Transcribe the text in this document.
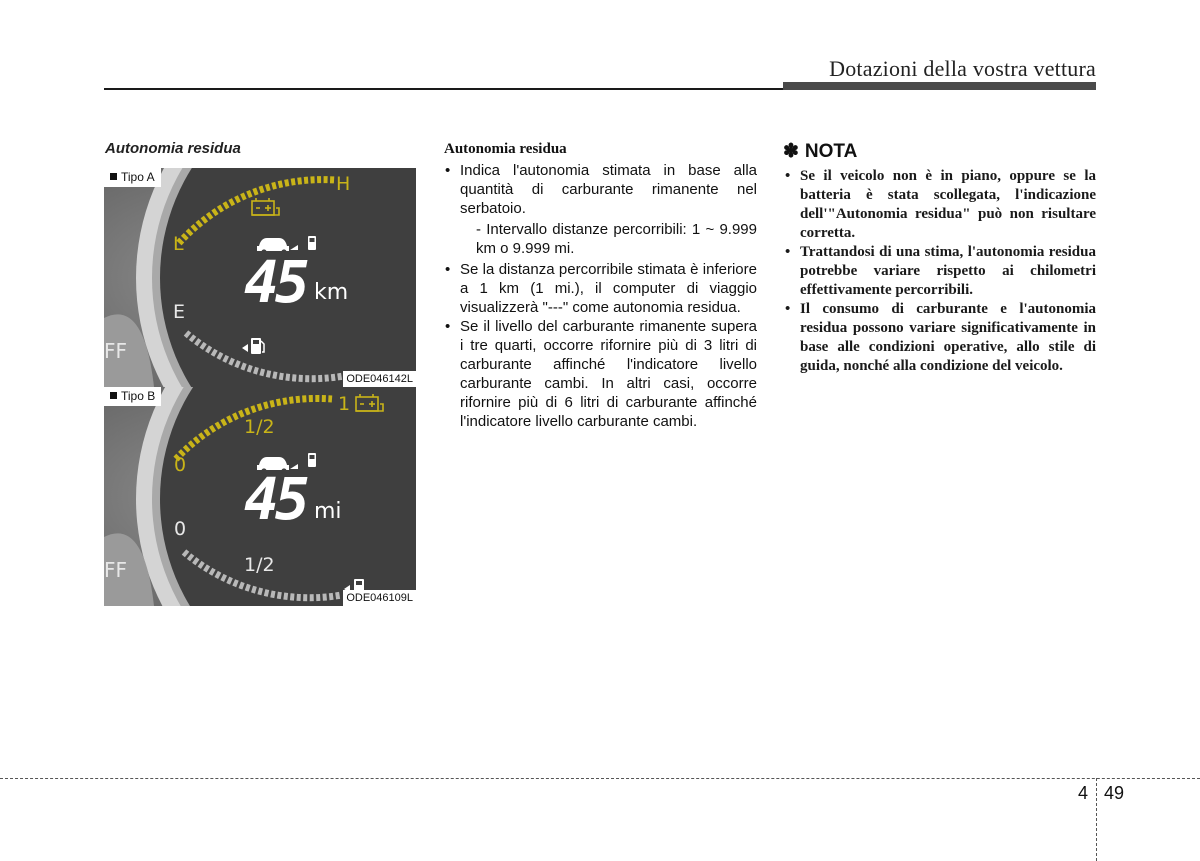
Dotazioni della vostra vettura
Autonomia residua
H
L
E
FF
45 km
Tipo A
ODE046142L
1
1/2
0
0
1/2
FF
45 mi
Tipo B
ODE046109L
Autonomia residua
• Indica l'autonomia stimata in base alla quantità di carburante rimanente nel serbatoio.
- Intervallo distanze percorribili: 1 ~ 9.999 km o 9.999 mi.
• Se la distanza percorribile stimata è inferiore a 1 km (1 mi.), il computer di viaggio visualizzerà "---" come autonomia residua.
• Se il livello del carburante rimanente supera i tre quarti, occorre rifornire più di 3 litri di carburante affinché l'indicatore livello carburante cambi. In altri casi, occorre rifornire più di 6 litri di carburante affinché l'indicatore livello carburante cambi.
✽ NOTA
• Se il veicolo non è in piano, oppure se la batteria è stata scollegata, l'indicazione dell'"Autonomia residua" può non risultare corretta.
• Trattandosi di una stima, l'autonomia residua potrebbe variare rispetto ai chilometri effettivamente percorribili.
• Il consumo di carburante e l'autonomia residua possono variare significativamente in base alle condizioni operative, allo stile di guida, nonché alla condizione del veicolo.
4 49
